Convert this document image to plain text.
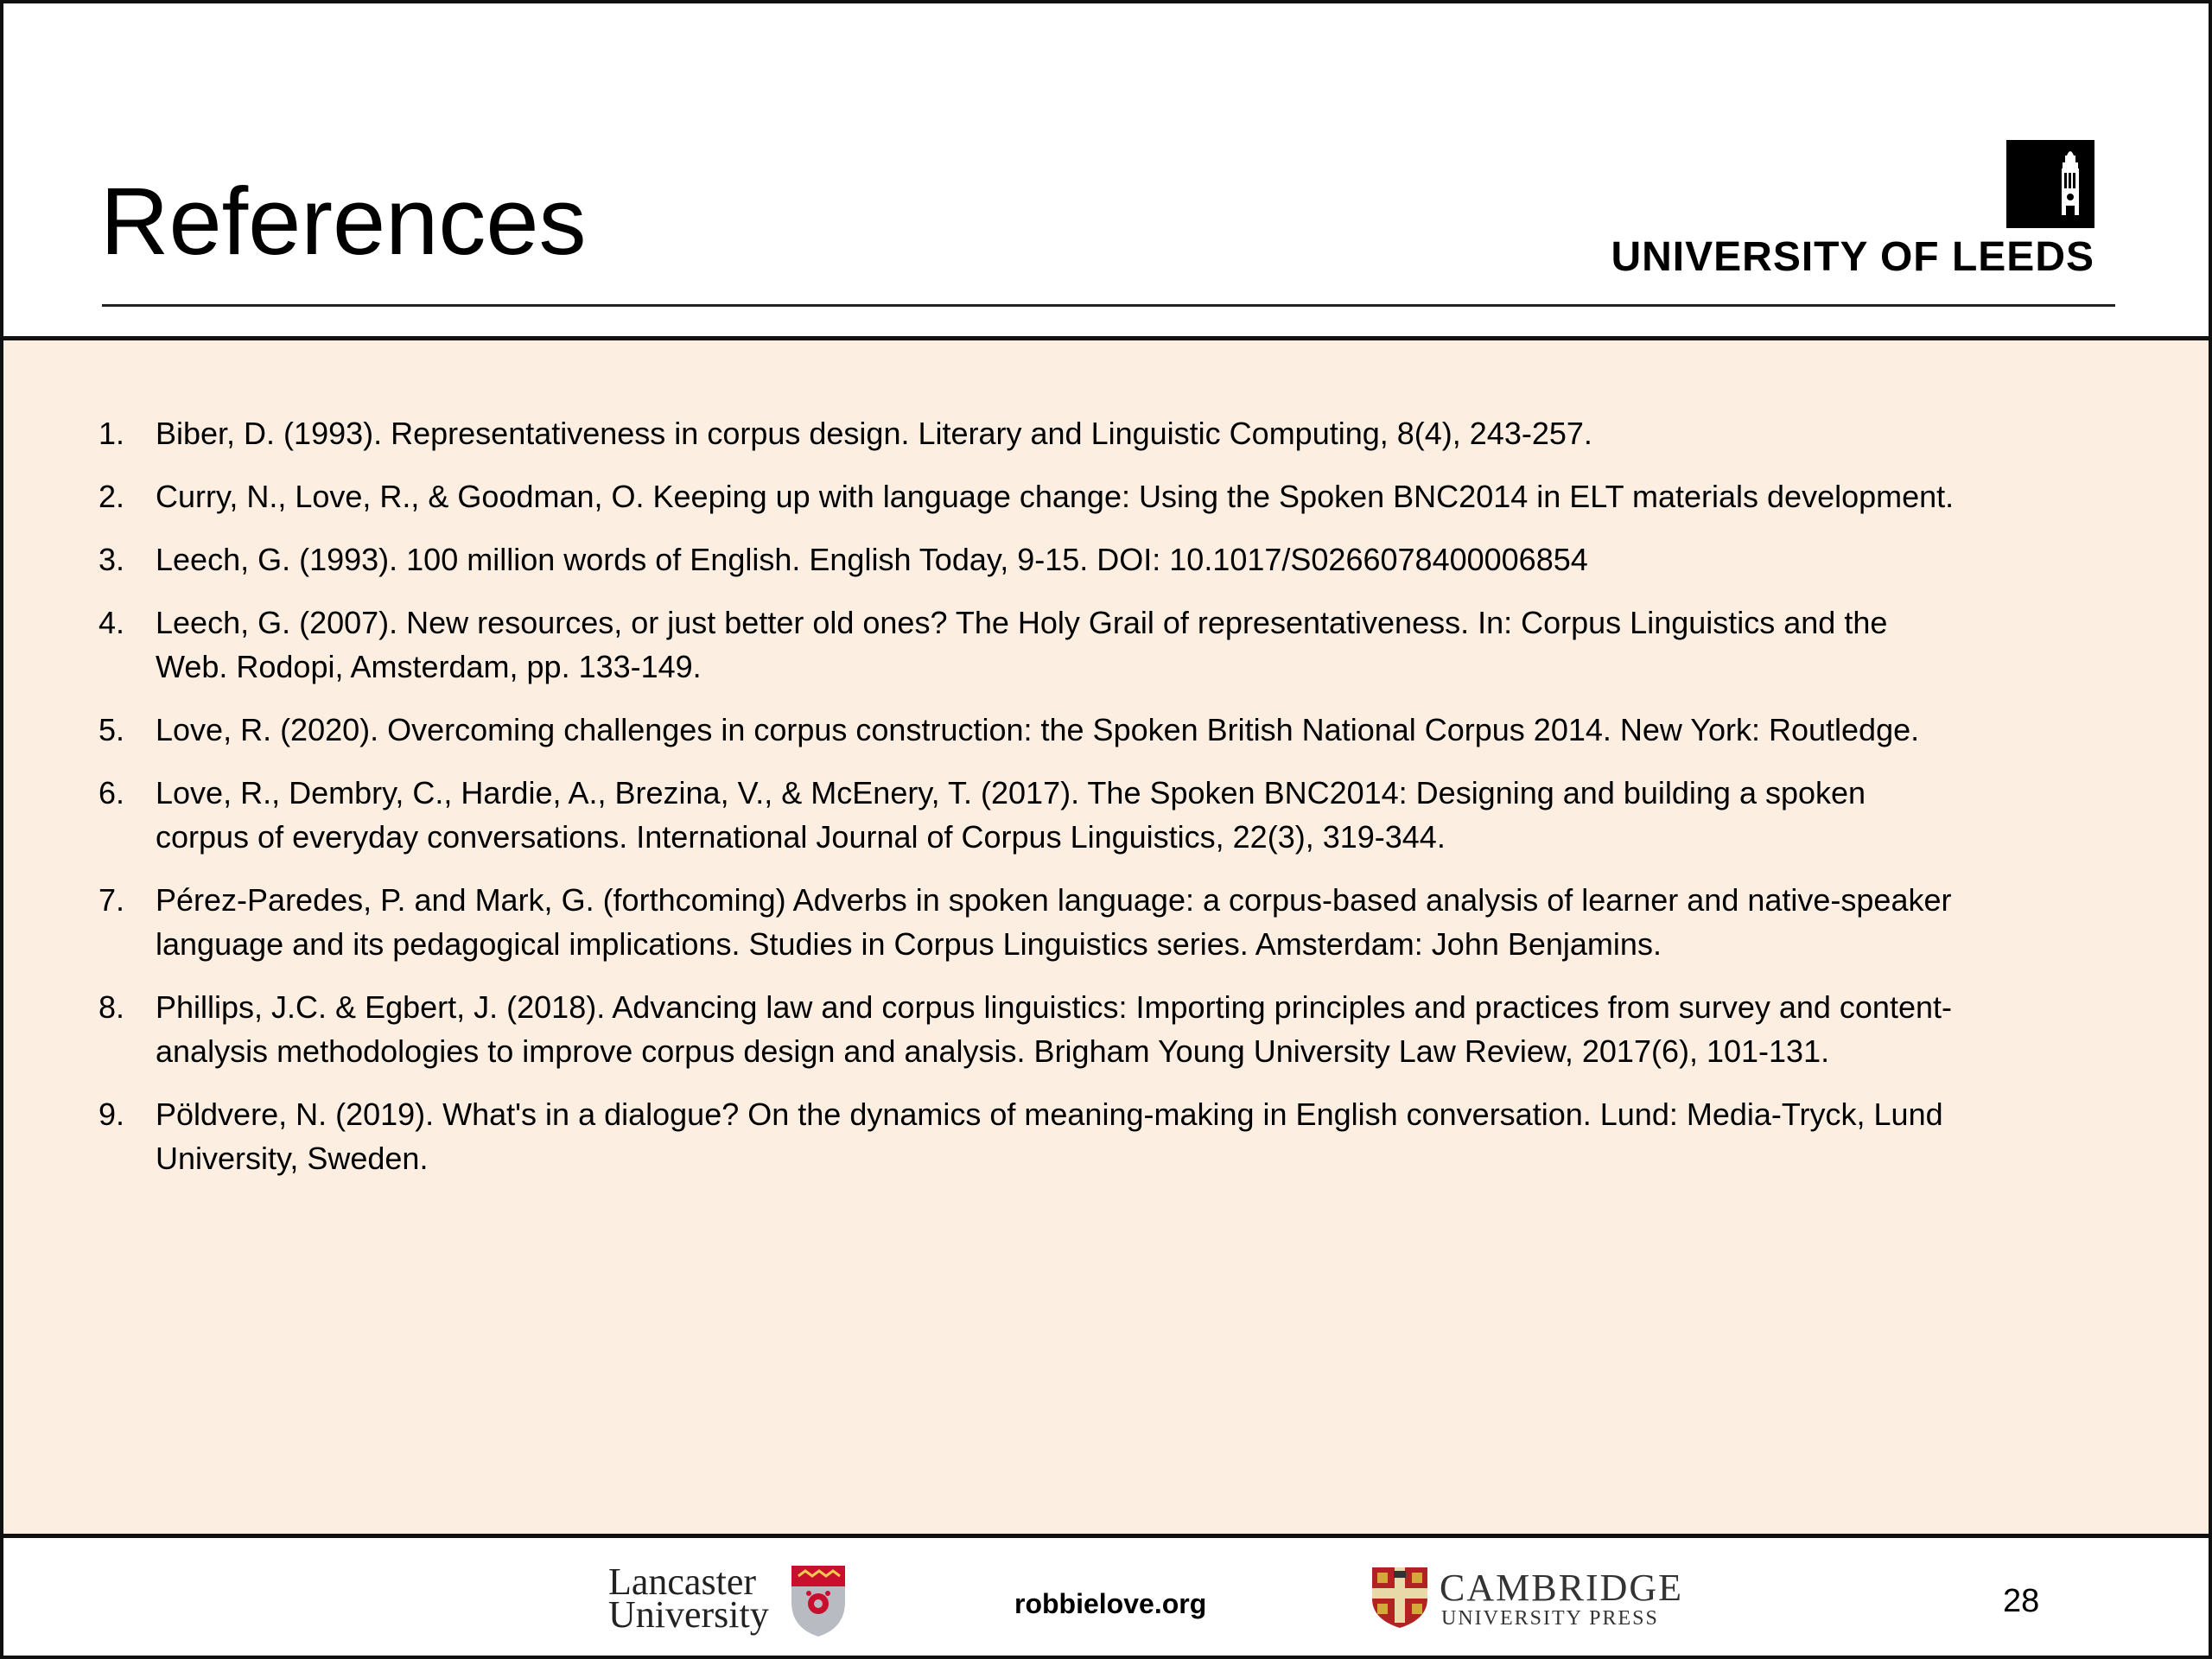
References	UNIVERSITY OF LEEDS
1. Biber, D. (1993). Representativeness in corpus design. Literary and Linguistic Computing, 8(4), 243-257.
2. Curry, N., Love, R., & Goodman, O. Keeping up with language change: Using the Spoken BNC2014 in ELT materials development.
3. Leech, G. (1993). 100 million words of English. English Today, 9-15. DOI: 10.1017/S0266078400006854
4. Leech, G. (2007). New resources, or just better old ones? The Holy Grail of representativeness. In: Corpus Linguistics and the Web. Rodopi, Amsterdam, pp. 133-149.
5. Love, R. (2020). Overcoming challenges in corpus construction: the Spoken British National Corpus 2014. New York: Routledge.
6. Love, R., Dembry, C., Hardie, A., Brezina, V., & McEnery, T. (2017). The Spoken BNC2014: Designing and building a spoken corpus of everyday conversations. International Journal of Corpus Linguistics, 22(3), 319-344.
7. Pérez-Paredes, P. and Mark, G. (forthcoming) Adverbs in spoken language: a corpus-based analysis of learner and native-speaker language and its pedagogical implications. Studies in Corpus Linguistics series. Amsterdam: John Benjamins.
8. Phillips, J.C. & Egbert, J. (2018). Advancing law and corpus linguistics: Importing principles and practices from survey and content-analysis methodologies to improve corpus design and analysis. Brigham Young University Law Review, 2017(6), 101-131.
9. Pöldvere, N. (2019). What's in a dialogue? On the dynamics of meaning-making in English conversation. Lund: Media-Tryck, Lund University, Sweden.
Lancaster
University	robbielove.org	CAMBRIDGE
UNIVERSITY PRESS	28
